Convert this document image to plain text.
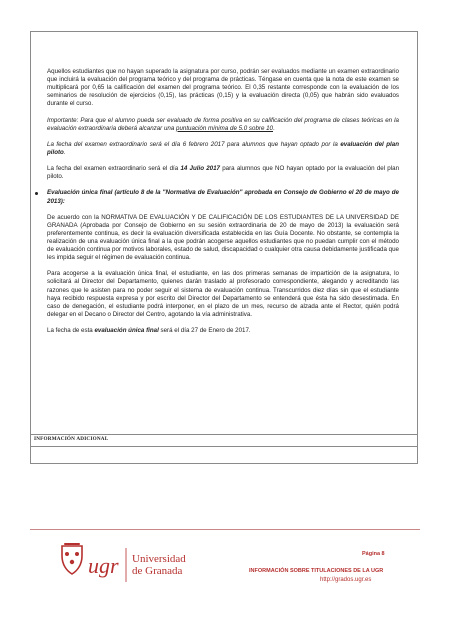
Aquellos estudiantes que no hayan superado la asignatura por curso, podrán ser evaluados mediante un examen extraordinario que incluirá la evaluación del programa teórico y del programa de prácticas. Téngase en cuenta que la nota de este examen se multiplicará por 0,65 la calificación del examen del programa teórico. El 0,35 restante corresponde con la evaluación de los seminarios de resolución de ejercicios (0,15), las prácticas (0,15) y la evaluación directa (0,05) que habrán sido evaluados durante el curso.

Importante: Para que el alumno pueda ser evaluado de forma positiva en su calificación del programa de clases teóricas en la evaluación extraordinaria deberá alcanzar una puntuación mínima de 5.0 sobre 10.

La fecha del examen extraordinario será el día 6 febrero 2017 para alumnos que hayan optado por la evaluación del plan piloto.

La fecha del examen extraordinario será el día 14 Julio 2017 para alumnos que NO hayan optado por la evaluación del plan piloto.

Evaluación única final (artículo 8 de la "Normativa de Evaluación" aprobada en Consejo de Gobierno el 20 de mayo de 2013):

De acuerdo con la NORMATIVA DE EVALUACIÓN Y DE CALIFICACIÓN DE LOS ESTUDIANTES DE LA UNIVERSIDAD DE GRANADA (Aprobada por Consejo de Gobierno en su sesión extraordinaria de 20 de mayo de 2013) la evaluación será preferentemente continua, es decir la evaluación diversificada establecida en las Guía Docente. No obstante, se contempla la realización de una evaluación única final a la que podrán acogerse aquellos estudiantes que no puedan cumplir con el método de evaluación continua por motivos laborales, estado de salud, discapacidad o cualquier otra causa debidamente justificada que les impida seguir el régimen de evaluación continua.

Para acogerse a la evaluación única final, el estudiante, en las dos primeras semanas de impartición de la asignatura, lo solicitará al Director del Departamento, quienes darán traslado al profesorado correspondiente, alegando y acreditando las razones que le asisten para no poder seguir el sistema de evaluación continua. Transcurridos diez días sin que el estudiante haya recibido respuesta expresa y por escrito del Director del Departamento se entenderá que ésta ha sido desestimada. En caso de denegación, el estudiante podrá interponer, en el plazo de un mes, recurso de alzada ante el Rector, quién podrá delegar en el Decano o Director del Centro, agotando la vía administrativa.

La fecha de esta evaluación única final será el día 27 de Enero de 2017.

INFORMACIÓN ADICIONAL
ugr Universidad
de Granada
Página 8
INFORMACIÓN SOBRE TITULACIONES DE LA UGR
http://grados.ugr.es
